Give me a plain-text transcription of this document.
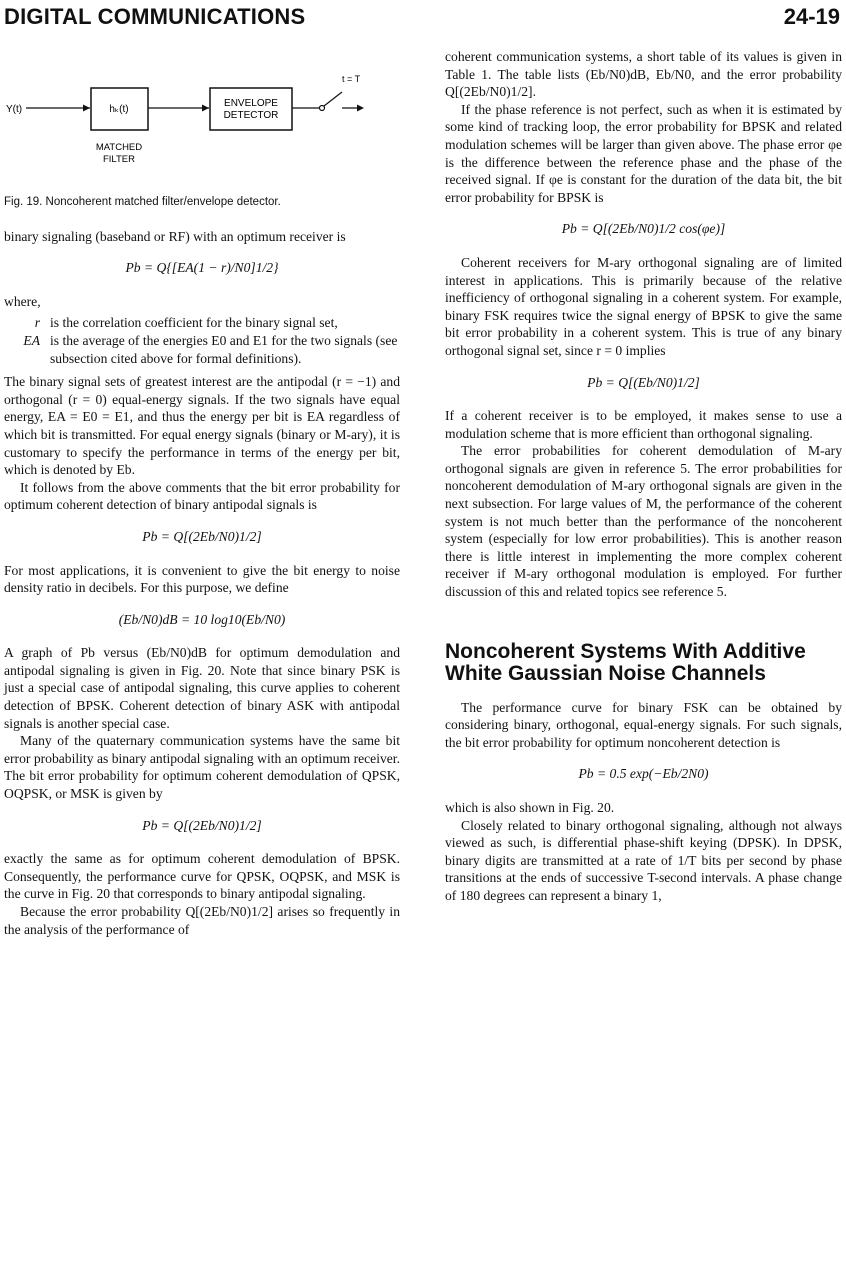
DIGITAL COMMUNICATIONS	24-19
Y(t)	hₖ(t)
ENVELOPE
DETECTOR
t = T
MATCHED
FILTER
Fig. 19. Noncoherent matched filter/envelope detector.

binary signaling (baseband or RF) with an optimum receiver is

Pb = Q{[EA(1 − r)/N0]1/2}

where,

r is the correlation coefficient for the binary signal set,
EA is the average of the energies E0 and E1 for the two signals (see subsection cited above for formal definitions).

The binary signal sets of greatest interest are the antipodal (r = −1) and orthogonal (r = 0) equal-energy signals. If the two signals have equal energy, EA = E0 = E1, and thus the energy per bit is EA regardless of which bit is transmitted. For equal energy signals (binary or M-ary), it is customary to specify the performance in terms of the energy per bit, which is denoted by Eb.

It follows from the above comments that the bit error probability for optimum coherent detection of binary antipodal signals is

Pb = Q[(2Eb/N0)1/2]

For most applications, it is convenient to give the bit energy to noise density ratio in decibels. For this purpose, we define

(Eb/N0)dB = 10 log10(Eb/N0)

A graph of Pb versus (Eb/N0)dB for optimum demodulation and antipodal signaling is given in Fig. 20. Note that since binary PSK is just a special case of antipodal signaling, this curve applies to coherent detection of BPSK. Coherent detection of binary ASK with antipodal signals is another special case.

Many of the quaternary communication systems have the same bit error probability as binary antipodal signaling with an optimum receiver. The bit error probability for optimum coherent demodulation of QPSK, OQPSK, or MSK is given by

Pb = Q[(2Eb/N0)1/2]

exactly the same as for optimum coherent demodulation of BPSK. Consequently, the performance curve for QPSK, OQPSK, and MSK is the curve in Fig. 20 that corresponds to binary antipodal signaling.

Because the error probability Q[(2Eb/N0)1/2] arises so frequently in the analysis of the performance of

coherent communication systems, a short table of its values is given in Table 1. The table lists (Eb/N0)dB, Eb/N0, and the error probability Q[(2Eb/N0)1/2].

If the phase reference is not perfect, such as when it is estimated by some kind of tracking loop, the error probability for BPSK and related modulation schemes will be larger than given above. The phase error φe is the difference between the reference phase and the phase of the received signal. If φe is constant for the duration of the data bit, the bit error probability for BPSK is

Pb = Q[(2Eb/N0)1/2 cos(φe)]

Coherent receivers for M-ary orthogonal signaling are of limited interest in applications. This is primarily because of the relative inefficiency of orthogonal signaling in a coherent system. For example, binary FSK requires twice the signal energy of BPSK to give the same bit error probability in a coherent system. This is true of any binary orthogonal signal set, since r = 0 implies

Pb = Q[(Eb/N0)1/2]

If a coherent receiver is to be employed, it makes sense to use a modulation scheme that is more efficient than orthogonal signaling.

The error probabilities for coherent demodulation of M-ary orthogonal signals are given in reference 5. The error probabilities for noncoherent demodulation of M-ary orthogonal signals are given in the next subsection. For large values of M, the performance of the coherent system is not much better than the performance of the noncoherent system (especially for low error probabilities). This is another reason there is little interest in implementing the more complex coherent receiver if M-ary orthogonal modulation is employed. For further discussion of this and related topics see reference 5.

Noncoherent Systems With Additive White Gaussian Noise Channels

The performance curve for binary FSK can be obtained by considering binary, orthogonal, equal-energy signals. For such signals, the bit error probability for optimum noncoherent detection is

Pb = 0.5 exp(−Eb/2N0)

which is also shown in Fig. 20.

Closely related to binary orthogonal signaling, although not always viewed as such, is differential phase-shift keying (DPSK). In DPSK, binary digits are transmitted at a rate of 1/T bits per second by phase transitions at the ends of successive T-second intervals. A phase change of 180 degrees can represent a binary 1,
